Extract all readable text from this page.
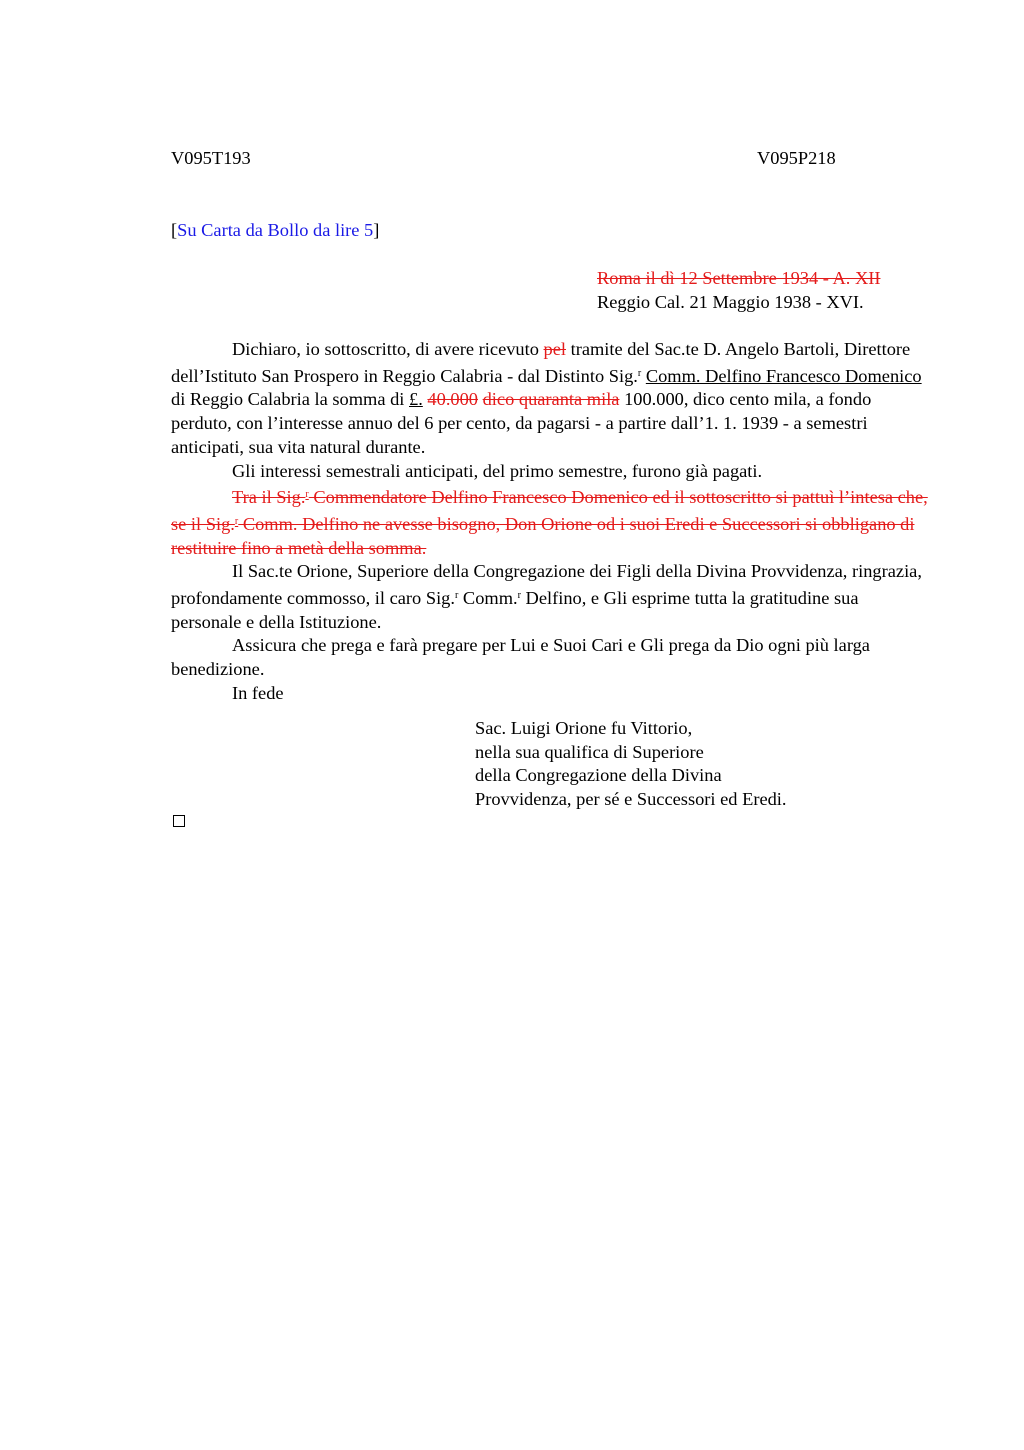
V095T193	V095P218
[Su Carta da Bollo da lire 5]
Roma il dì 12 Settembre 1934 - A. XII
Reggio Cal. 21 Maggio 1938 - XVI.

Dichiaro, io sottoscritto, di avere ricevuto pel tramite del Sac.te D. Angelo Bartoli, Direttore dell’Istituto San Prospero in Reggio Calabria - dal Distinto Sig.$^r$ Comm. Delfino Francesco Domenico di Reggio Calabria la somma di £. 40.000 dico quaranta mila 100.000, dico cento mila, a fondo perduto, con l’interesse annuo del 6 per cento, da pagarsi - a partire dall’1. 1. 1939 - a semestri anticipati, sua vita natural durante.

Gli interessi semestrali anticipati, del primo semestre, furono già pagati.

Tra il Sig.$^r$ Commendatore Delfino Francesco Domenico ed il sottoscritto si pattuì l’intesa che, se il Sig.$^r$ Comm. Delfino ne avesse bisogno, Don Orione od i suoi Eredi e Successori si obbligano di restituire fino a metà della somma.

Il Sac.te Orione, Superiore della Congregazione dei Figli della Divina Provvidenza, ringrazia, profondamente commosso, il caro Sig.$^r$ Comm.$^r$ Delfino, e Gli esprime tutta la gratitudine sua personale e della Istituzione.

Assicura che prega e farà pregare per Lui e Suoi Cari e Gli prega da Dio ogni più larga benedizione.

In fede

Sac. Luigi Orione fu Vittorio,
nella sua qualifica di Superiore
della Congregazione della Divina
Provvidenza, per sé e Successori ed Eredi.
